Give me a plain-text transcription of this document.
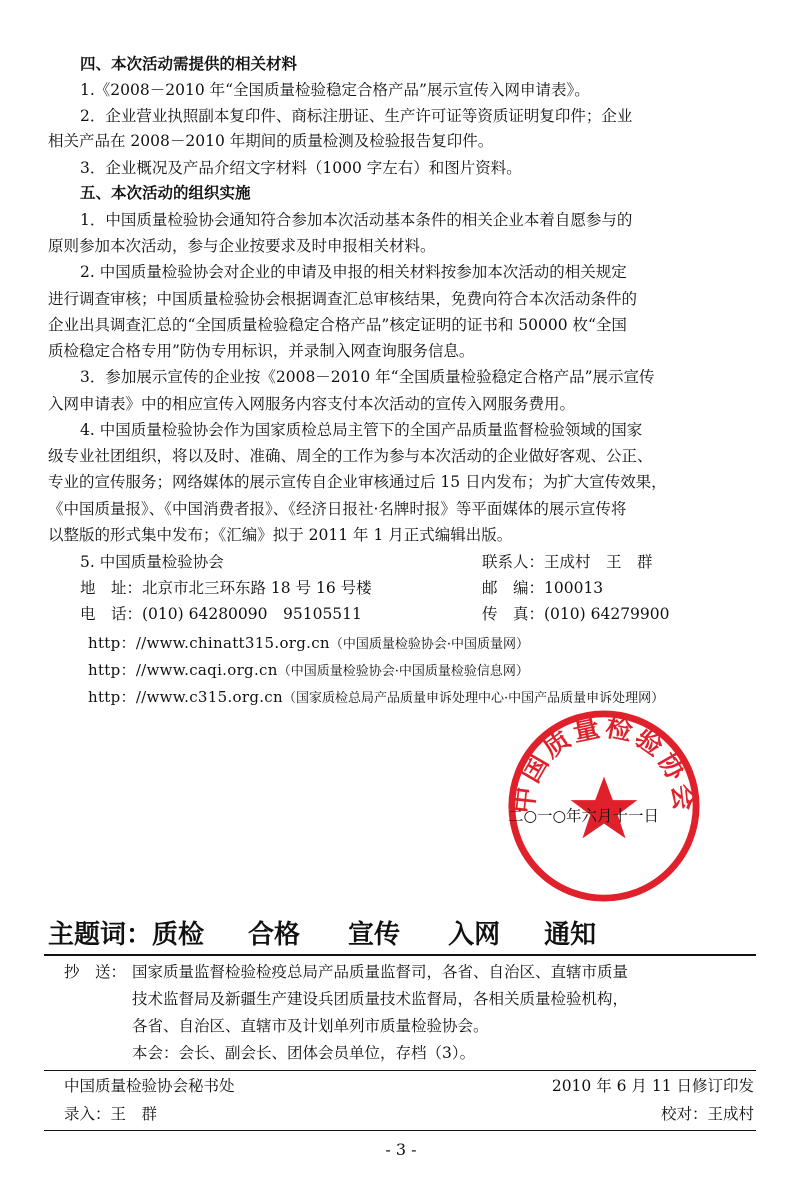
四、本次活动需提供的相关材料
1.《2008－2010 年“全国质量检验稳定合格产品”展示宣传入网申请表》。
2．企业营业执照副本复印件、商标注册证、生产许可证等资质证明复印件；企业
相关产品在 2008－2010 年期间的质量检测及检验报告复印件。
3．企业概况及产品介绍文字材料（1000 字左右）和图片资料。
五、本次活动的组织实施
1．中国质量检验协会通知符合参加本次活动基本条件的相关企业本着自愿参与的
原则参加本次活动，参与企业按要求及时申报相关材料。
2. 中国质量检验协会对企业的申请及申报的相关材料按参加本次活动的相关规定
进行调查审核；中国质量检验协会根据调查汇总审核结果，免费向符合本次活动条件的
企业出具调查汇总的“全国质量检验稳定合格产品”核定证明的证书和 50000 枚“全国
质检稳定合格专用”防伪专用标识，并录制入网查询服务信息。
3．参加展示宣传的企业按《2008－2010 年“全国质量检验稳定合格产品”展示宣传
入网申请表》中的相应宣传入网服务内容支付本次活动的宣传入网服务费用。
4. 中国质量检验协会作为国家质检总局主管下的全国产品质量监督检验领域的国家
级专业社团组织，将以及时、准确、周全的工作为参与本次活动的企业做好客观、公正、
专业的宣传服务；网络媒体的展示宣传自企业审核通过后 15 日内发布；为扩大宣传效果，
《中国质量报》、《中国消费者报》、《经济日报社·名牌时报》等平面媒体的展示宣传将
以整版的形式集中发布；《汇编》拟于 2011 年 1 月正式编辑出版。
5. 中国质量检验协会
地　址：北京市北三环东路 18 号 16 号楼
电　话：(010) 64280090　95105511
联系人：王成村　王　群
邮　编：100013
传　真：(010) 64279900
http：//www.chinatt315.org.cn（中国质量检验协会·中国质量网）
http：//www.caqi.org.cn（中国质量检验协会·中国质量检验信息网）
http：//www.c315.org.cn（国家质检总局产品质量申诉处理中心·中国产品质量申诉处理网）
中国质量检验协会
二○一○年六月十一日
主题词：质检 合格 宣传 入网 通知
抄　送： 国家质量监督检验检疫总局产品质量监督司，各省、自治区、直辖市质量
技术监督局及新疆生产建设兵团质量技术监督局，各相关质量检验机构，
各省、自治区、直辖市及计划单列市质量检验协会。
本会：会长、副会长、团体会员单位，存档（3）。
中国质量检验协会秘书处	2010 年 6 月 11 日修订印发
录入：王　群	校对：王成村
- 3 -
